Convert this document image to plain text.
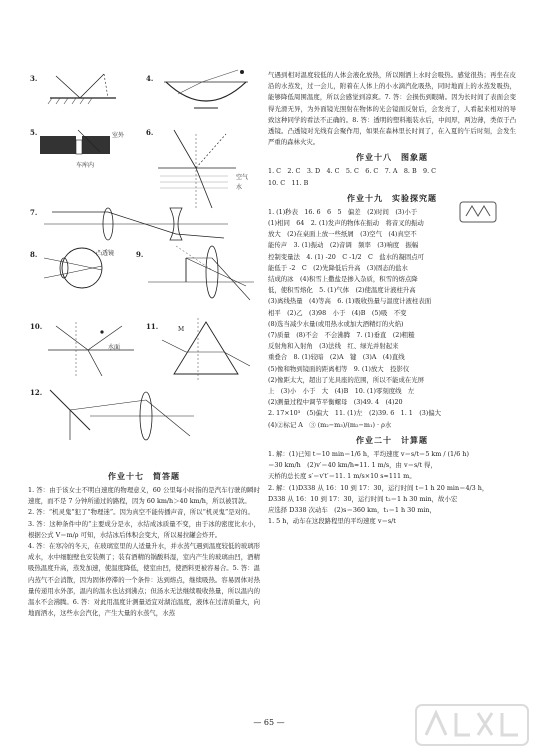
3.	4.
5.	室外
车库内
6.
空气
水
7.
8.	凸透镜	9.
10.
水面
11.	M
12.
作业十七　简答题

1. 答：由于该女士不明白速度的物理意义，60 公里每小时指的是汽车行驶的瞬时速度，而不是 7 分钟所通过的路程，因为 60 km/h＞40 km/h，所以被罚款。

2. 答：“机灵鬼”犯了“物理迷”。因为真空不能传播声音，所以“机灵鬼”是对的。

3. 答：这种条件中的“主要成分是水，水结成冰质量不变，由于冰的密度比水小，根据公式 V＝m/ρ 可知，水结冰后体积会变大，所以易拉罐会炸开。

4. 答：在寒冷的冬天，在玻璃室里的人适量升水，并水蒸气遇到温度较低的玻璃形成水，水中细胞壁也安装侧了；装有酒精的锅酸料湿，室内产生的玻璃由凹，酒精吸热温度升高，蒸发加速，使温度降低，使室由凹，使酒料更被容易合。5. 答：温内蒸气不会消散，因为固体停滞的一个条件：达到熔点，继续吸热。容易固体对热量传递用水外部，温内的温水也达到沸点；但汤水无法继续吸收热量，所以温内的温水不会沸腾。6. 答：对此用温度计测量适宜对湖泊温度，液体在过清质量大，向地面洒水，这些水会汽化，产生大量的水蒸气，水蒸

气遇到相对温度较低的人体会液化放热，所以刚洒上水时会吸热。感觉很热；再坐在皮沿的水蒸发，过一会儿，附着在人体上的小水滴汽化吸热，同时地面上的水蒸发吸热，能够降低周围温度，所以会感觉到凉爽。7. 答：会损伤到眼睛。因为长时间了表面会变得光滑无异，为外面镜光照射在物体的光会镜面反射后，会发亮了，人看起来相对的导致这种同学的看法不正确的。8. 答：透明的塑料瓶装水后，中间厚，两边薄，类似于凸透镜。凸透镜对光线有会聚作用，如果在森林里长时间了，在入夏的午后时刻，会发生严重的森林火灾。

作业十八　图象题
1. C　2. C　3. D　4. C　5. C　6. C　7. A　8. B　9. C
10. C　11. B
作业十九　实验探究题
1. (1)秒表　16. 6　6　5　偏差　(2)时间　(3)小于
(1)相同　64　2. (1)发声的物体在振动　将音叉的振动
放大　(2)在桌面上放一些纸屑　(3)空气　(4)真空不
能传声　3. (1)振动　(2)音调　频率　(3)响度　振幅
控制变量法　4. (1) -20　C -1/2　C　盐水的凝固点可
能低于 -2　C　(2)先降低后升高　(3)固态的盐水
结成的冰　(4)积雪上撒盐是掺入杂质，积雪的熔点降
低，使积雪熔化　5. (1)气体　(2)使温度计液柱升高
(3)离线热量　(4)等高　6. (1)吸收热量与温度计液柱表面
相平　(2)乙　(3)98　小于　(4)B　(5)吸　不变
(8)选当减少水量(或用热水或加大酒精灯的火焰)
(7)质量　(8)不会　不会沸腾　7. (1)垂直　(2)粗糙
反射角和入射角　(3)法线　红、绿光并射起来
重叠合　8. (1)较暗　(2)A　键　(3)A　(4)直线
(5)像和物到镜面的距离相等　9. (1)放大　投影仪
(2)像距太大，超出了光具座的范围，所以不能成在光屏
上　(3)小　小于　大　(4)B　10. (1)零刻度线　左
(2)测量过程中调节平衡螺母　(3)49. 4　(4)20
2. 17×10³　(5)偏大　11. (1)左　(2)39. 6　1. 1　(3)偏大
(4)②标记 A　③ (m₂−m₃)/(m₂−m₁) · ρ水
作业二十　计算题
1. 解：(1)已知 t＝10 min＝1/6 h，平均速度 v＝s/t＝5 km / (1/6 h)
＝30 km/h　(2)v′＝40 km/h≈11. 1 m/s，由 v＝s/t 得，
天桥的总长度 s′＝v′t′＝11. 1 m/s×10 s≈111 m。
2. 解：(1)D338 从 16：10 到 17：30，运行时间 t＝1 h 20 min＝4/3 h，
D338 从 16：10 到 17：30，运行时间 t₂＝1 h 30 min，故小宏
应选择 D338 次动车　(2)s＝360 km，t₁＝1 h 30 min，
1. 5 h，动车在这段路程里的平均速度 v＝s/t
— 65 —
